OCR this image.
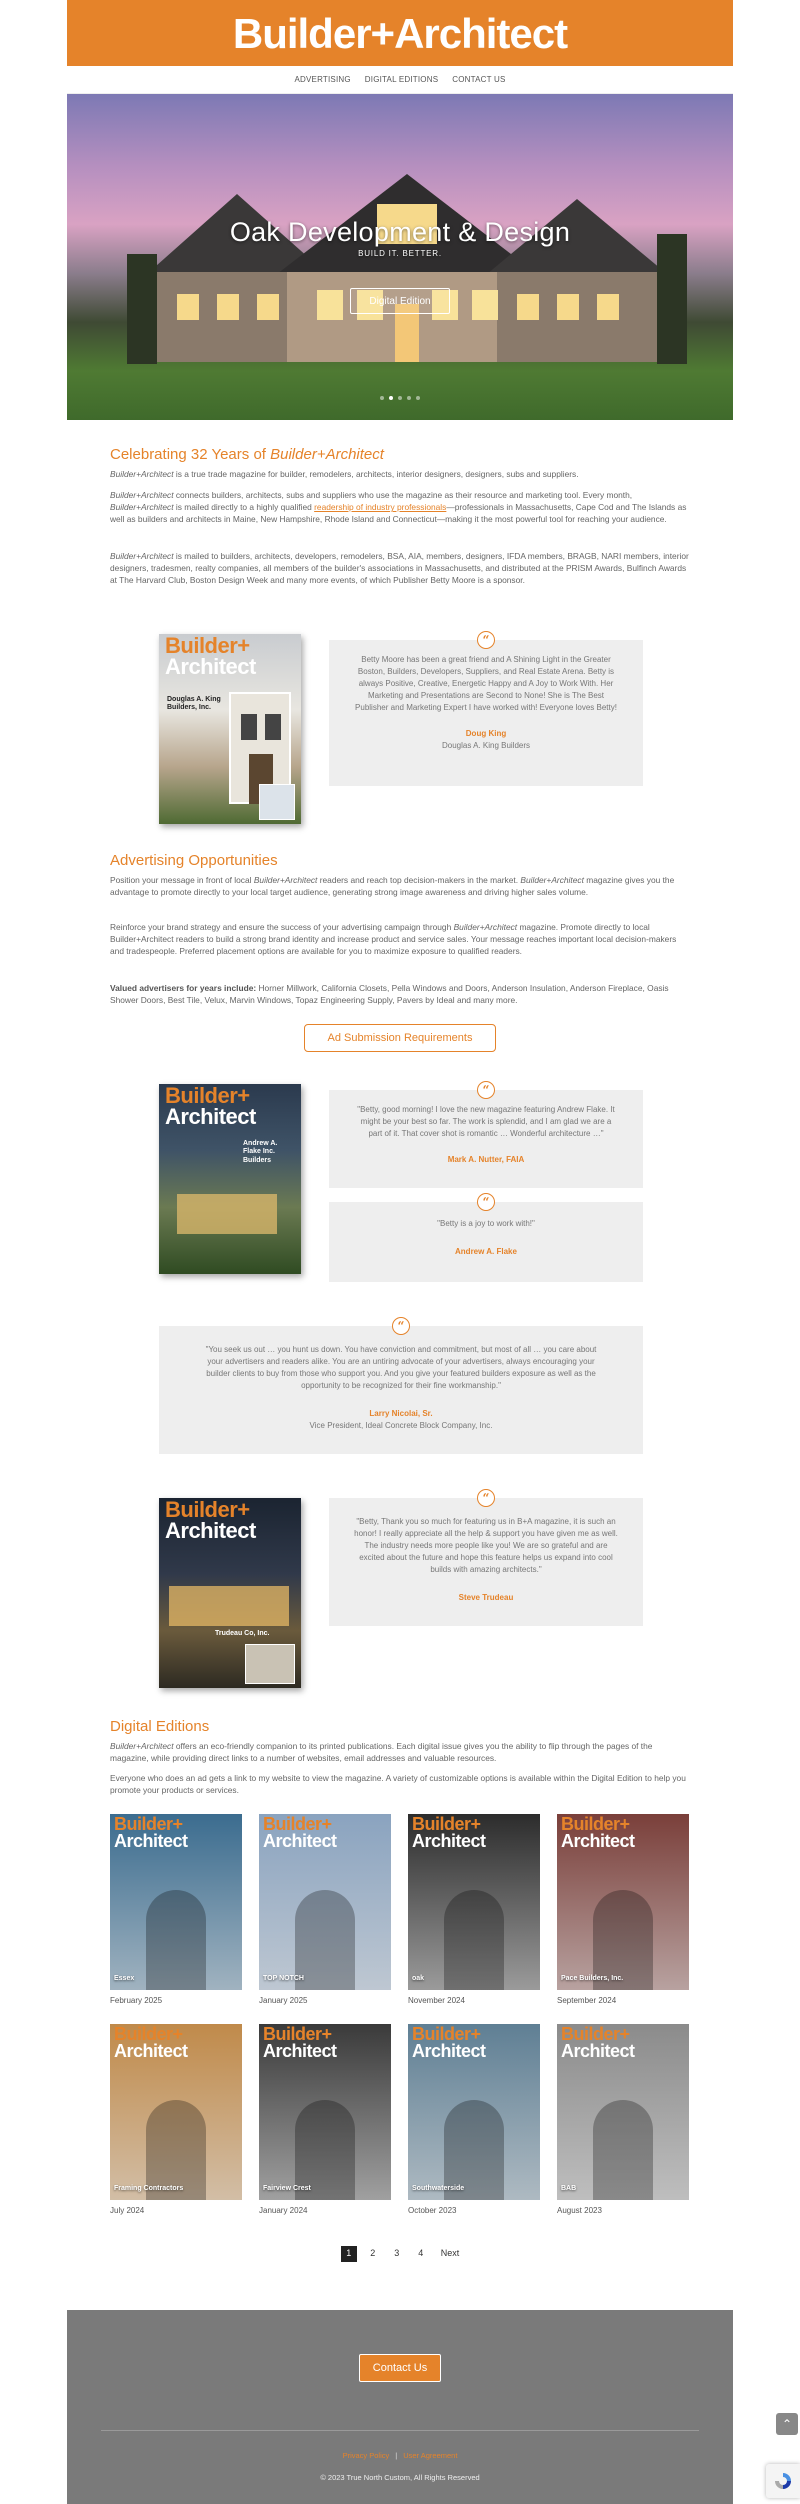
Builder+Architect
ADVERTISING DIGITAL EDITIONS CONTACT US
Oak Development & Design
BUILD IT. BETTER.
Digital Edition
Celebrating 32 Years of Builder+Architect

Builder+Architect is a true trade magazine for builder, remodelers, architects, interior designers, designers, subs and suppliers.

Builder+Architect connects builders, architects, subs and suppliers who use the magazine as their resource and marketing tool. Every month, Builder+Architect is mailed directly to a highly qualified readership of industry professionals—professionals in Massachusetts, Cape Cod and The Islands as well as builders and architects in Maine, New Hampshire, Rhode Island and Connecticut—making it the most powerful tool for reaching your audience.

Builder+Architect is mailed to builders, architects, developers, remodelers, BSA, AIA, members, designers, IFDA members, BRAGB, NARI members, interior designers, tradesmen, realty companies, all members of the builder's associations in Massachusetts, and distributed at the PRISM Awards, Bulfinch Awards at The Harvard Club, Boston Design Week and many more events, of which Publisher Betty Moore is a sponsor.

Builder+
Architect
Douglas A. King Builders, Inc.
“

Betty Moore has been a great friend and A Shining Light in the Greater Boston, Builders, Developers, Suppliers, and Real Estate Arena. Betty is always Positive, Creative, Energetic Happy and A Joy to Work With. Her Marketing and Presentations are Second to None! She is The Best Publisher and Marketing Expert I have worked with! Everyone loves Betty!

Doug King

Douglas A. King Builders

Advertising Opportunities

Position your message in front of local Builder+Architect readers and reach top decision-makers in the market. Builder+Architect magazine gives you the advantage to promote directly to your local target audience, generating strong image awareness and driving higher sales volume.

Reinforce your brand strategy and ensure the success of your advertising campaign through Builder+Architect magazine. Promote directly to local Builder+Architect readers to build a strong brand identity and increase product and service sales. Your message reaches important local decision-makers and tradespeople. Preferred placement options are available for you to maximize exposure to qualified readers.

Valued advertisers for years include: Horner Millwork, California Closets, Pella Windows and Doors, Anderson Insulation, Anderson Fireplace, Oasis Shower Doors, Best Tile, Velux, Marvin Windows, Topaz Engineering Supply, Pavers by Ideal and many more.

Ad Submission Requirements
Builder+
Architect
Andrew A. Flake Inc. Builders
“

"Betty, good morning! I love the new magazine featuring Andrew Flake. It might be your best so far. The work is splendid, and I am glad we are a part of it. That cover shot is romantic … Wonderful architecture …"

Mark A. Nutter, FAIA

“

"Betty is a joy to work with!"

Andrew A. Flake

“

"You seek us out … you hunt us down. You have conviction and commitment, but most of all … you care about your advertisers and readers alike. You are an untiring advocate of your advertisers, always encouraging your builder clients to buy from those who support you. And you give your featured builders exposure as well as the opportunity to be recognized for their fine workmanship."

Larry Nicolai, Sr.

Vice President, Ideal Concrete Block Company, Inc.

Builder+
Architect
Trudeau Co, Inc.
“

"Betty, Thank you so much for featuring us in B+A magazine, it is such an honor! I really appreciate all the help & support you have given me as well. The industry needs more people like you! We are so grateful and are excited about the future and hope this feature helps us expand into cool builds with amazing architects."

Steve Trudeau

Digital Editions

Builder+Architect offers an eco-friendly companion to its printed publications. Each digital issue gives you the ability to flip through the pages of the magazine, while providing direct links to a number of websites, email addresses and valuable resources.

Everyone who does an ad gets a link to my website to view the magazine. A variety of customizable options is available within the Digital Edition to help you promote your products or services.

1	2	3	4	Next
Contact Us
Privacy Policy | User Agreement
© 2023 True North Custom, All Rights Reserved
Builder+
Architect
Essex
February 2025
Builder+
Architect
TOP NOTCH
January 2025
Builder+
Architect
oak
November 2024
Builder+
Architect
Pace Builders, Inc.
September 2024
Builder+
Architect
Framing Contractors
July 2024
Builder+
Architect
Fairview Crest
January 2024
Builder+
Architect
Southwaterside
October 2023
Builder+
Architect
BAB
August 2023
⌃
